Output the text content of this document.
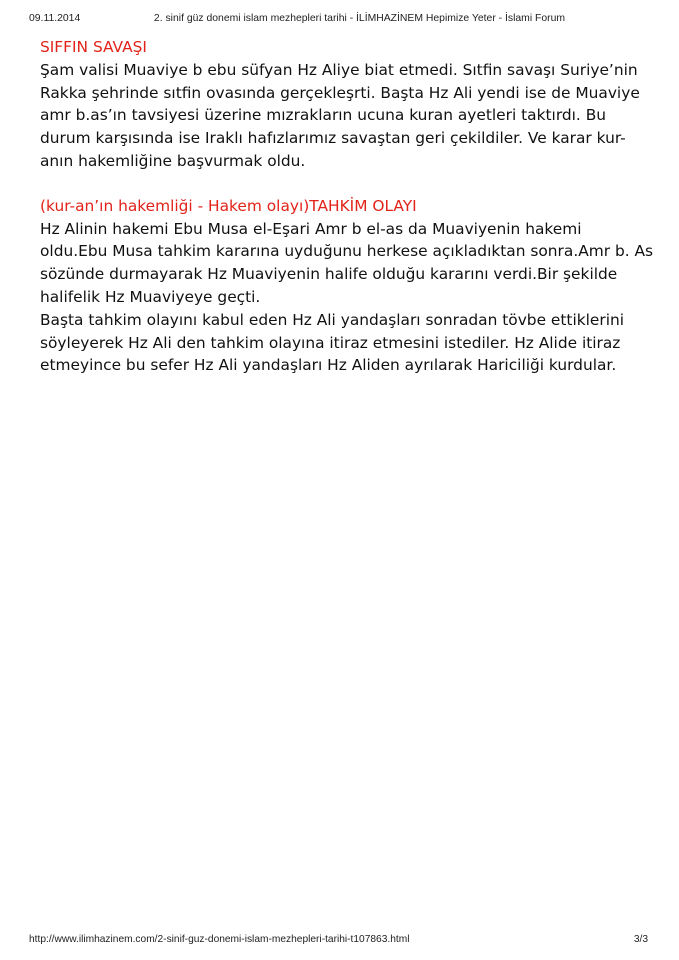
09.11.2014	2. sinif güz donemi islam mezhepleri tarihi - İLİMHAZİNEM Hepimize Yeter - İslami Forum
SIFFIN SAVAŞI

Şam valisi Muaviye b ebu süfyan Hz Aliye biat etmedi. Sıtfin savaşı Suriye’nin
Rakka şehrinde sıtfin ovasında gerçekleşrti. Başta Hz Ali yendi ise de Muaviye
amr b.as’ın tavsiyesi üzerine mızrakların ucuna kuran ayetleri taktırdı. Bu
durum karşısında ise Iraklı hafızlarımız savaştan geri çekildiler. Ve karar kur-
anın hakemliğine başvurmak oldu.

(kur-an’ın hakemliği - Hakem olayı)TAHKİM OLAYI

Hz Alinin hakemi Ebu Musa el-Eşari Amr b el-as da Muaviyenin hakemi
oldu.Ebu Musa tahkim kararına uyduğunu herkese açıkladıktan sonra.Amr b. As
sözünde durmayarak Hz Muaviyenin halife olduğu kararını verdi.Bir şekilde
halifelik Hz Muaviyeye geçti.
Başta tahkim olayını kabul eden Hz Ali yandaşları sonradan tövbe ettiklerini
söyleyerek Hz Ali den tahkim olayına itiraz etmesini istediler. Hz Alide itiraz
etmeyince bu sefer Hz Ali yandaşları Hz Aliden ayrılarak Hariciliği kurdular.

http://www.ilimhazinem.com/2-sinif-guz-donemi-islam-mezhepleri-tarihi-t107863.html	3/3
